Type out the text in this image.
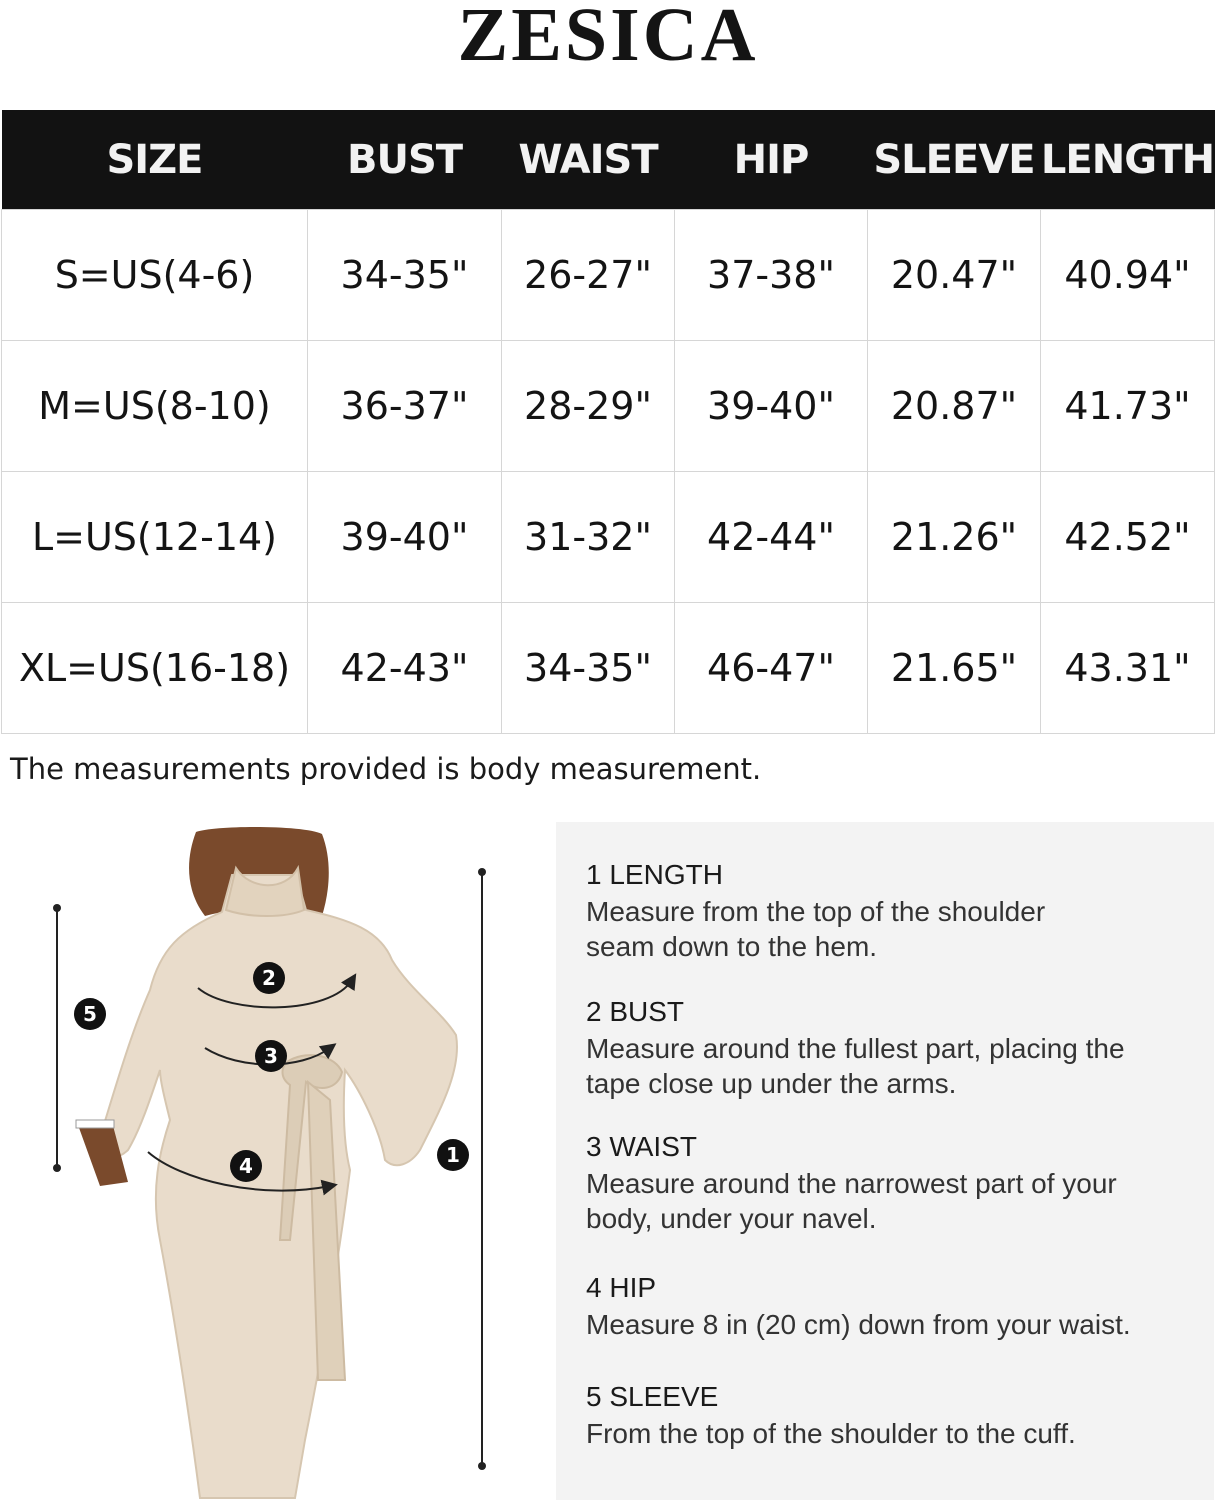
ZESICA
SIZE	BUST	WAIST	HIP	SLEEVE	LENGTH
S=US(4-6)	34-35"	26-27"	37-38"	20.47"	40.94"
M=US(8-10)	36-37"	28-29"	39-40"	20.87"	41.73"
L=US(12-14)	39-40"	31-32"	42-44"	21.26"	42.52"
XL=US(16-18)	42-43"	34-35"	46-47"	21.65"	43.31"
The measurements provided is body measurement.
1
2
3
4
5
1 LENGTH
Measure from the top of the shoulder seam down to the hem.
2 BUST
Measure around the fullest part, placing the tape close up under the arms.
3 WAIST
Measure around the narrowest part of your body, under your navel.
4 HIP
Measure 8 in (20 cm) down from your waist.
5 SLEEVE
From the top of the shoulder to the cuff.
